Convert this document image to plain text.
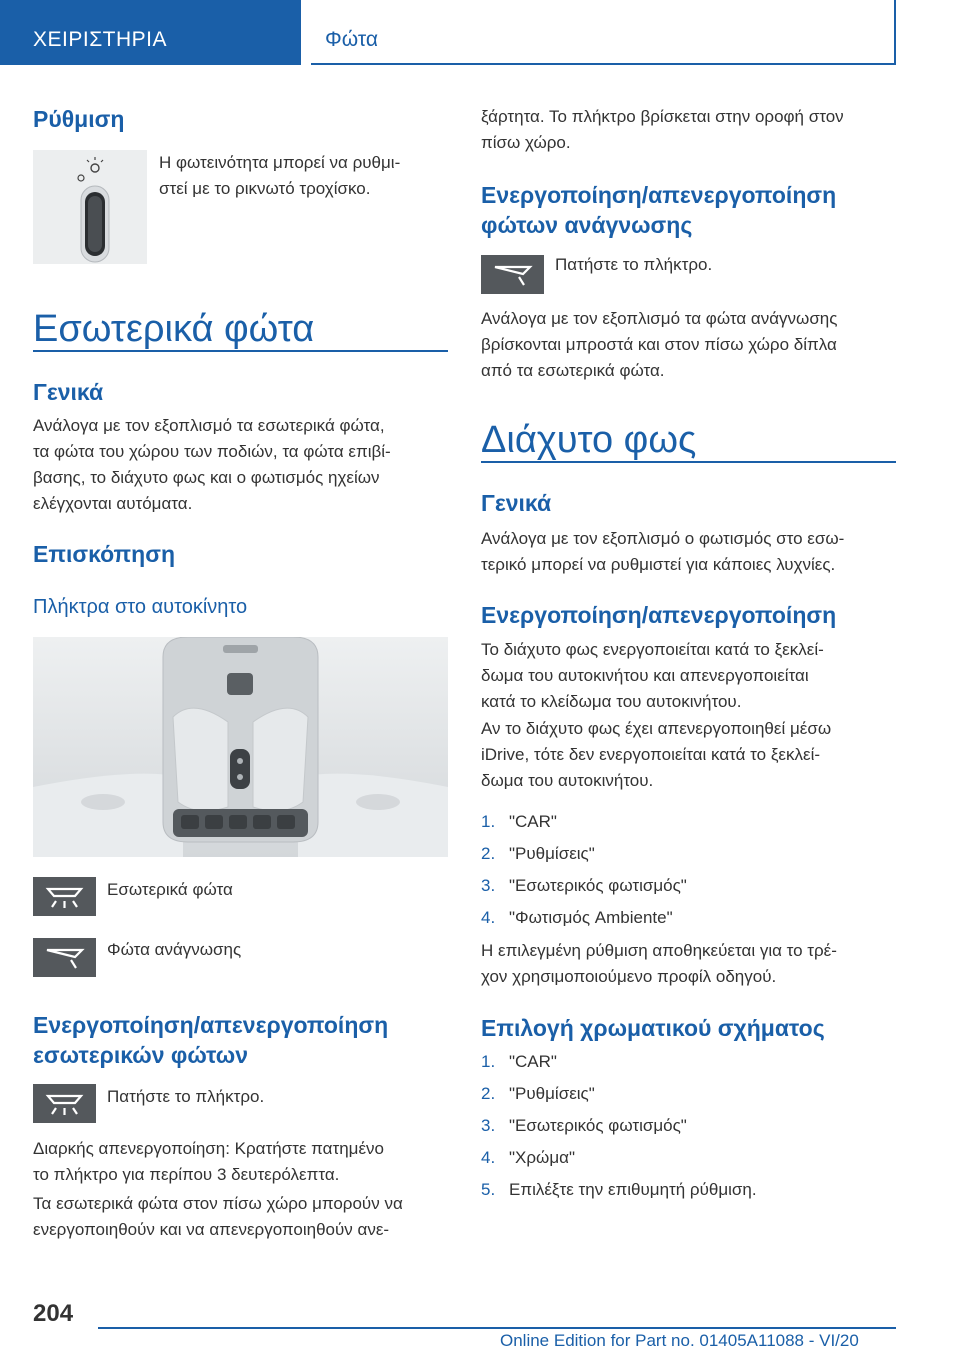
ΧΕΙΡΙΣΤΗΡΙΑ	Φώτα
Ρύθμιση
Η φωτεινότητα μπορεί να ρυθμι-
στεί με το ρικνωτό τροχίσκο.
Εσωτερικά φώτα
Γενικά
Ανάλογα με τον εξοπλισμό τα εσωτερικά φώτα,
τα φώτα του χώρου των ποδιών, τα φώτα επιβί-
βασης, το διάχυτο φως και ο φωτισμός ηχείων
ελέγχονται αυτόματα.
Επισκόπηση
Πλήκτρα στο αυτοκίνητο
Εσωτερικά φώτα
Φώτα ανάγνωσης
Ενεργοποίηση/απενεργοποίηση
εσωτερικών φώτων
Πατήστε το πλήκτρο.
Διαρκής απενεργοποίηση: Κρατήστε πατημένο
το πλήκτρο για περίπου 3 δευτερόλεπτα.
Τα εσωτερικά φώτα στον πίσω χώρο μπορούν να
ενεργοποιηθούν και να απενεργοποιηθούν ανε-
ξάρτητα. Το πλήκτρο βρίσκεται στην οροφή στον
πίσω χώρο.
Ενεργοποίηση/απενεργοποίηση
φώτων ανάγνωσης
Πατήστε το πλήκτρο.
Ανάλογα με τον εξοπλισμό τα φώτα ανάγνωσης
βρίσκονται μπροστά και στον πίσω χώρο δίπλα
από τα εσωτερικά φώτα.
Διάχυτο φως
Γενικά
Ανάλογα με τον εξοπλισμό ο φωτισμός στο εσω-
τερικό μπορεί να ρυθμιστεί για κάποιες λυχνίες.
Ενεργοποίηση/απενεργοποίηση
Το διάχυτο φως ενεργοποιείται κατά το ξεκλεί-
δωμα του αυτοκινήτου και απενεργοποιείται
κατά το κλείδωμα του αυτοκινήτου.
Αν το διάχυτο φως έχει απενεργοποιηθεί μέσω
iDrive, τότε δεν ενεργοποιείται κατά το ξεκλεί-
δωμα του αυτοκινήτου.
1. "CAR"
2. "Ρυθμίσεις"
3. "Εσωτερικός φωτισμός"
4. "Φωτισμός Ambiente"
Η επιλεγμένη ρύθμιση αποθηκεύεται για το τρέ-
χον χρησιμοποιούμενο προφίλ οδηγού.
Επιλογή χρωματικού σχήματος
1. "CAR"
2. "Ρυθμίσεις"
3. "Εσωτερικός φωτισμός"
4. "Χρώμα"
5. Επιλέξτε την επιθυμητή ρύθμιση.
204
Online Edition for Part no. 01405A11088 - VI/20
